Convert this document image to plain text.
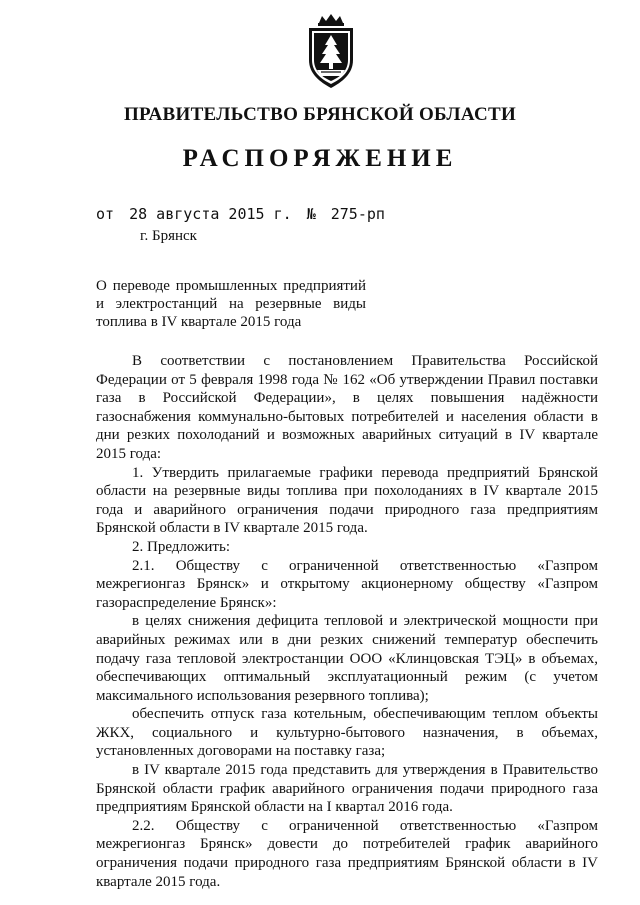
ПРАВИТЕЛЬСТВО БРЯНСКОЙ ОБЛАСТИ
РАСПОРЯЖЕНИЕ
от 28 августа 2015 г. № 275-рп
г. Брянск
О переводе промышленных предприятий
и электростанций на резервные виды
топлива в IV квартале 2015 года

В соответствии с постановлением Правительства Российской Федерации от 5 февраля 1998 года № 162 «Об утверждении Правил поставки газа в Российской Федерации», в целях повышения надёжности газоснабжения коммунально-бытовых потребителей и населения области в дни резких похолоданий и возможных аварийных ситуаций в IV квартале 2015 года:

1. Утвердить прилагаемые графики перевода предприятий Брянской области на резервные виды топлива при похолоданиях в IV квартале 2015 года и аварийного ограничения подачи природного газа предприятиям Брянской области в IV квартале 2015 года.

2. Предложить:

2.1. Обществу с ограниченной ответственностью «Газпром межрегионгаз Брянск» и открытому акционерному обществу «Газпром газораспределение Брянск»:

в целях снижения дефицита тепловой и электрической мощности при аварийных режимах или в дни резких снижений температур обеспечить подачу газа тепловой электростанции ООО «Клинцовская ТЭЦ» в объемах, обеспечивающих оптимальный эксплуатационный режим (с учетом максимального использования резервного топлива);

обеспечить отпуск газа котельным, обеспечивающим теплом объекты ЖКХ, социального и культурно-бытового назначения, в объемах, установленных договорами на поставку газа;

в IV квартале 2015 года представить для утверждения в Правительство Брянской области график аварийного ограничения подачи природного газа предприятиям Брянской области на I квартал 2016 года.

2.2. Обществу с ограниченной ответственностью «Газпром межрегионгаз Брянск» довести до потребителей график аварийного ограничения подачи природного газа предприятиям Брянской области в IV квартале 2015 года.
